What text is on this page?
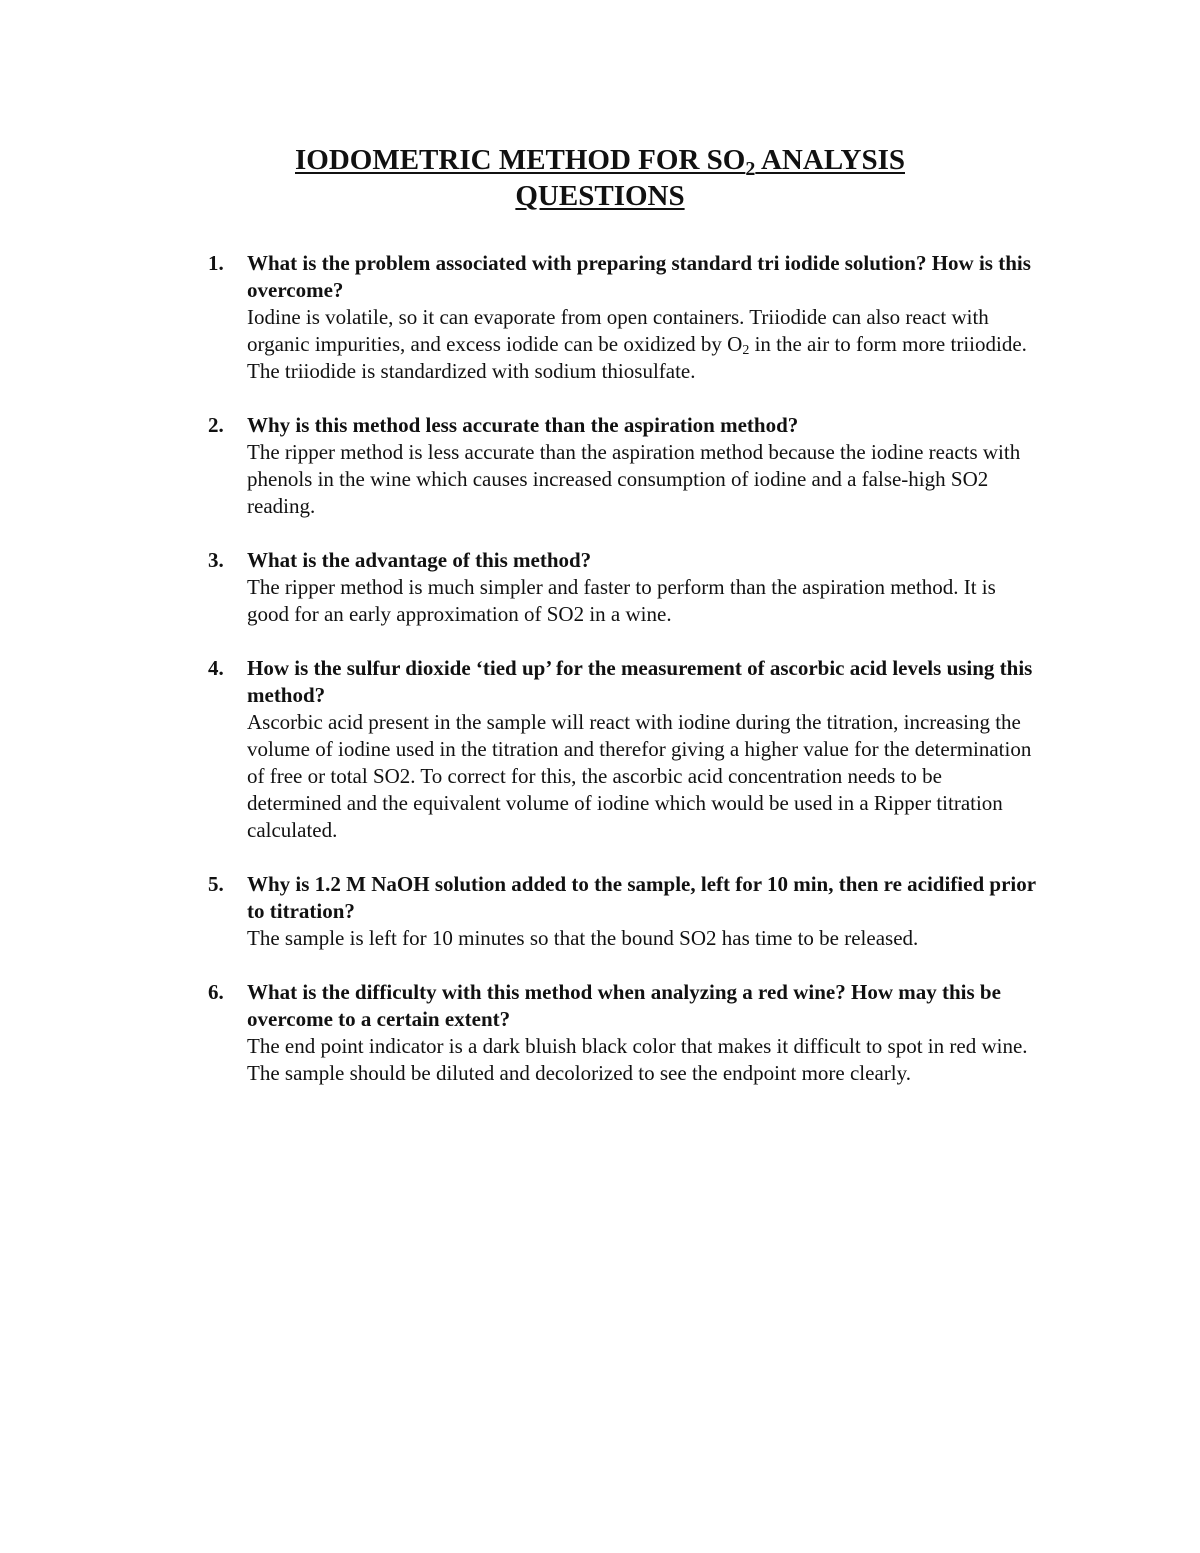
IODOMETRIC METHOD FOR $SO_2$ ANALYSIS
QUESTIONS
1. What is the problem associated with preparing standard tri iodide solution? How is this overcome?
Iodine is volatile, so it can evaporate from open containers. Triiodide can also react with organic impurities, and excess iodide can be oxidized by $O_2$ in the air to form more triiodide. The triiodide is standardized with sodium thiosulfate.
2. Why is this method less accurate than the aspiration method?
The ripper method is less accurate than the aspiration method because the iodine reacts with phenols in the wine which causes increased consumption of iodine and a false-high SO2 reading.
3. What is the advantage of this method?
The ripper method is much simpler and faster to perform than the aspiration method. It is good for an early approximation of SO2 in a wine.
4. How is the sulfur dioxide ‘tied up’ for the measurement of ascorbic acid levels using this method?
Ascorbic acid present in the sample will react with iodine during the titration, increasing the volume of iodine used in the titration and therefor giving a higher value for the determination of free or total SO2. To correct for this, the ascorbic acid concentration needs to be determined and the equivalent volume of iodine which would be used in a Ripper titration calculated.
5. Why is 1.2 M NaOH solution added to the sample, left for 10 min, then re acidified prior to titration?
The sample is left for 10 minutes so that the bound SO2 has time to be released.
6. What is the difficulty with this method when analyzing a red wine? How may this be overcome to a certain extent?
The end point indicator is a dark bluish black color that makes it difficult to spot in red wine. The sample should be diluted and decolorized to see the endpoint more clearly.
